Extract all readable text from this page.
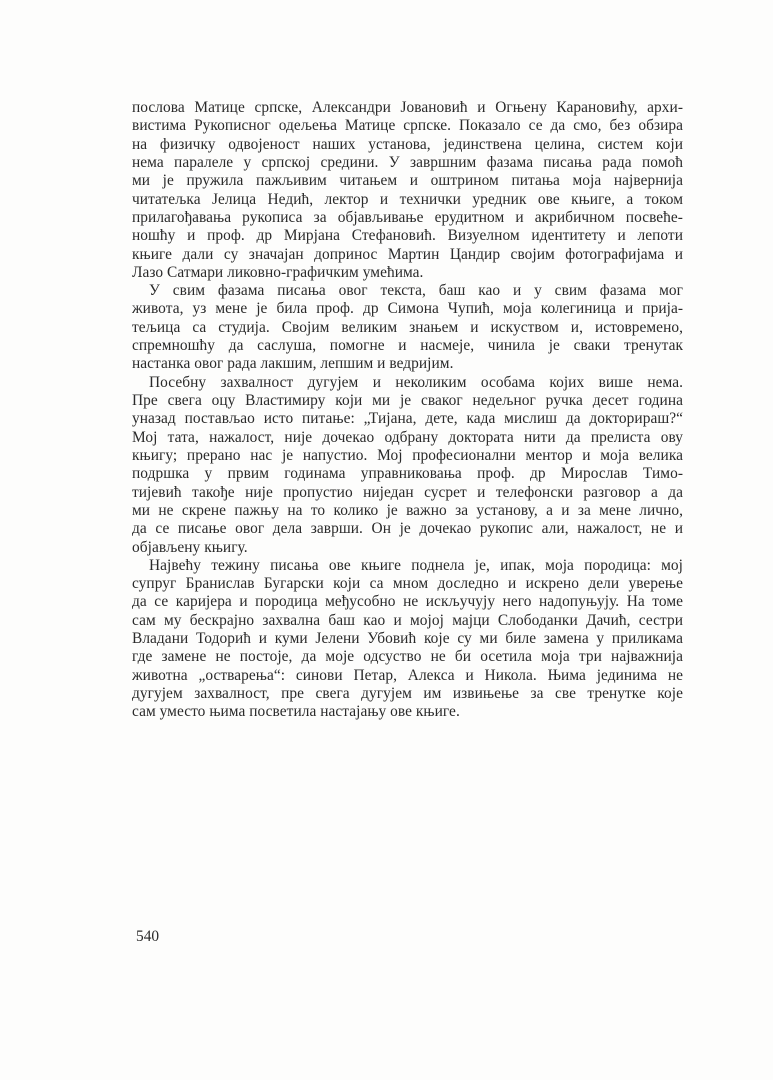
послова Матице српске, Александри Јовановић и Огњену Карановићу, архи-
вистима Рукописног одељења Матице српске. Показало се да смо, без обзира
на физичку одвојеност наших установа, јединствена целина, систем који
нема паралеле у српској средини. У завршним фазама писања рада помоћ
ми је пружила пажљивим читањем и оштрином питања моја највернија
читатељка Јелица Недић, лектор и технички уредник ове књиге, а током
прилагођавања рукописа за објављивање ерудитном и акрибичном посвеће-
ношћу и проф. др Мирјана Стефановић. Визуелном идентитету и лепоти
књиге дали су значајан допринос Мартин Цандир својим фотографијама и
Лазо Сатмари ликовно-графичким умећима.
У свим фазама писања овог текста, баш као и у свим фазама мог
живота, уз мене је била проф. др Симона Чупић, моја колегиница и прија-
тељица са студија. Својим великим знањем и искуством и, истовремено,
спремношћу да саслуша, помогне и насмеје, чинила је сваки тренутак
настанка овог рада лакшим, лепшим и ведријим.
Посебну захвалност дугујем и неколиким особама којих више нема.
Пре свега оцу Властимиру који ми је сваког недељног ручка десет година
уназад постављао исто питање: „Тијана, дете, када мислиш да докторираш?“
Мој тата, нажалост, није дочекао одбрану доктората нити да прелиста ову
књигу; прерано нас је напустио. Мој професионални ментор и моја велика
подршка у првим годинама управниковања проф. др Мирослав Тимо-
тијевић такође није пропустио ниједан сусрет и телефонски разговор а да
ми не скрене пажњу на то колико је важно за установу, а и за мене лично,
да се писање овог дела заврши. Он је дочекао рукопис али, нажалост, не и
објављену књигу.
Највећу тежину писања ове књиге поднела је, ипак, моја породица: мој
супруг Бранислав Бугарски који са мном доследно и искрено дели уверење
да се каријера и породица међусобно не искључују него надопуњују. На томе
сам му бескрајно захвална баш као и мојој мајци Слободанки Дачић, сестри
Владани Тодорић и куми Јелени Убовић које су ми биле замена у приликама
где замене не постоје, да моје одсуство не би осетила моја три најважнија
животна „остварења“: синови Петар, Алекса и Никола. Њима јединима не
дугујем захвалност, пре свега дугујем им извињење за све тренутке које
сам уместо њима посветила настајању ове књиге.
540
